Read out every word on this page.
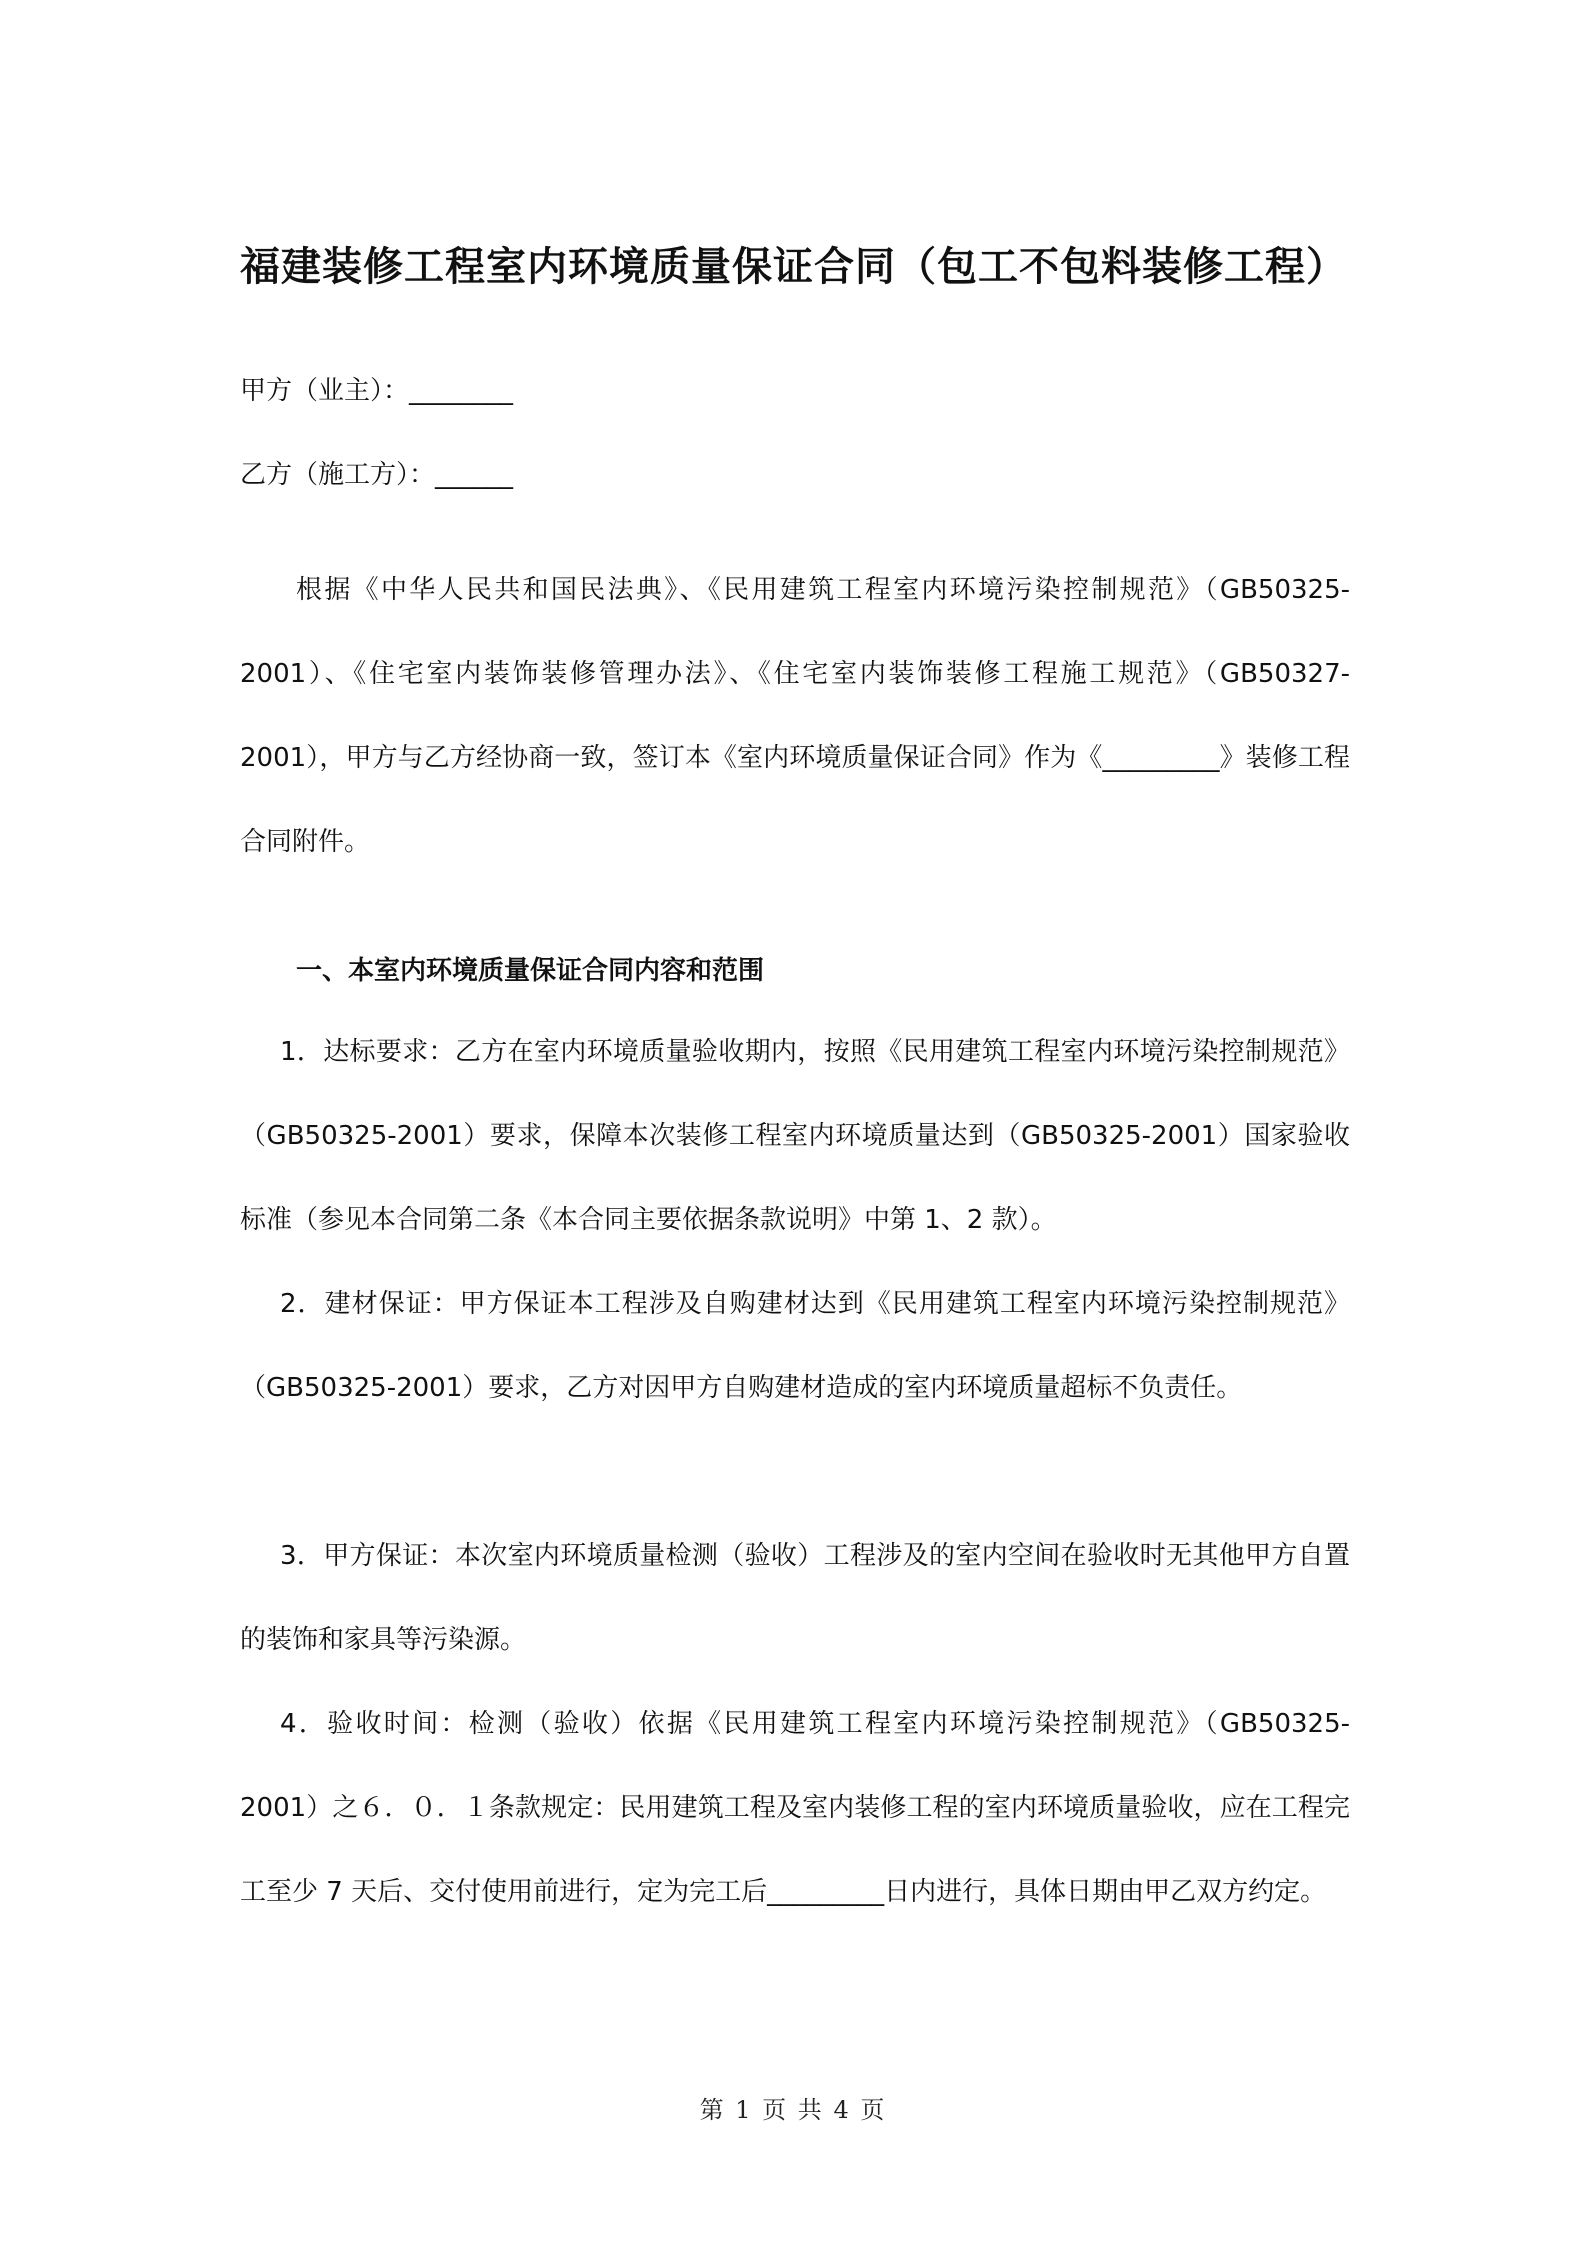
福建装修工程室内环境质量保证合同（包工不包料装修工程）
甲方（业主）：________
乙方（施工方）：______
根据《中华人民共和国民法典》、《民用建筑工程室内环境污染控制规范》（GB50325-2001）、《住宅室内装饰装修管理办法》、《住宅室内装饰装修工程施工规范》（GB50327-2001），甲方与乙方经协商一致，签订本《室内环境质量保证合同》作为《_________》装修工程合同附件。
一、本室内环境质量保证合同内容和范围
1．达标要求：乙方在室内环境质量验收期内，按照《民用建筑工程室内环境污染控制规范》（GB50325-2001）要求，保障本次装修工程室内环境质量达到（GB50325-2001）国家验收标准（参见本合同第二条《本合同主要依据条款说明》中第 1、2 款）。
2．建材保证：甲方保证本工程涉及自购建材达到《民用建筑工程室内环境污染控制规范》（GB50325-2001）要求，乙方对因甲方自购建材造成的室内环境质量超标不负责任。
3．甲方保证：本次室内环境质量检测（验收）工程涉及的室内空间在验收时无其他甲方自置的装饰和家具等污染源。
4．验收时间：检测（验收）依据《民用建筑工程室内环境污染控制规范》（GB50325-2001）之６．０．１条款规定：民用建筑工程及室内装修工程的室内环境质量验收，应在工程完工至少 7 天后、交付使用前进行，定为完工后_________日内进行，具体日期由甲乙双方约定。
第 1 页 共 4 页
